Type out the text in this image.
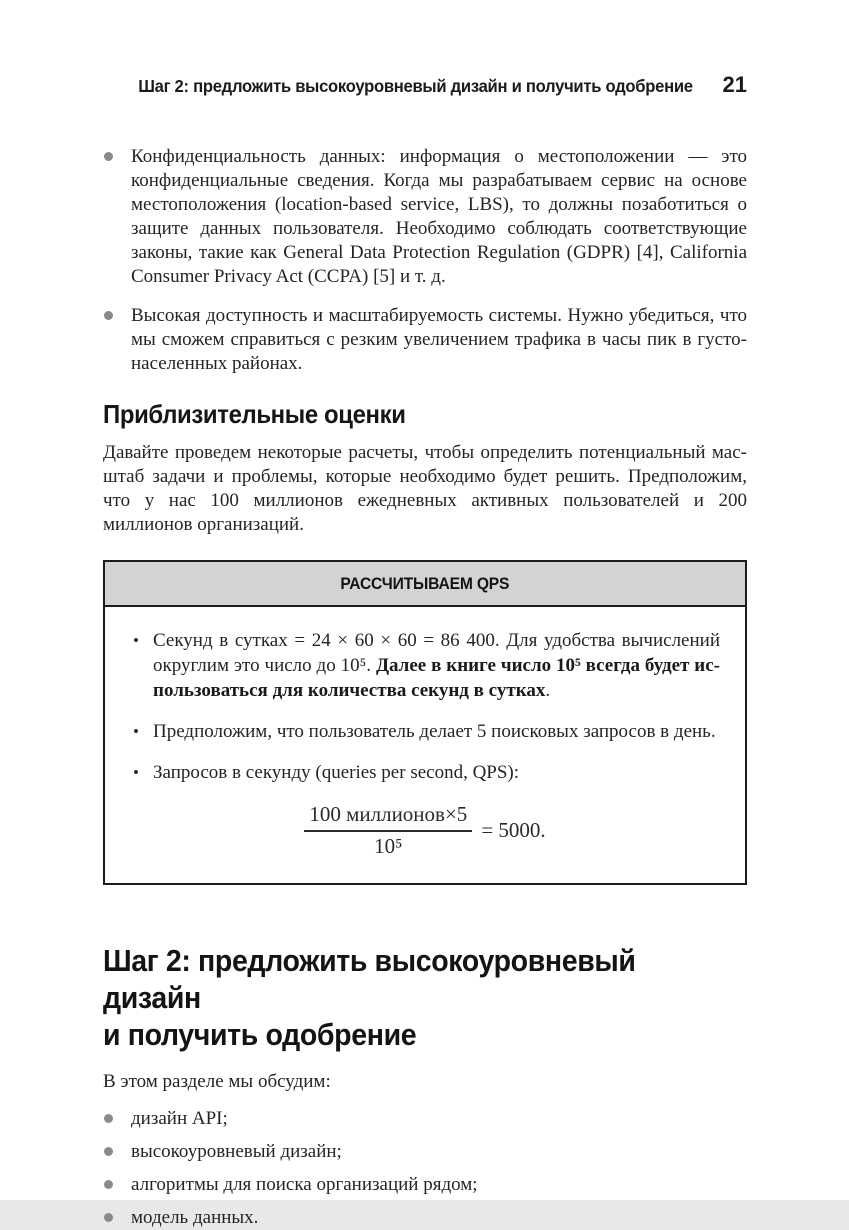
Шаг 2: предложить высокоуровневый дизайн и получить одобрение 21
Конфиденциальность данных: информация о местоположении — это конфиденциальные сведения. Когда мы разрабатываем сервис на основе местоположения (location-based service, LBS), то должны позаботиться о защите данных пользователя. Необходимо соблюдать соответствующие законы, такие как General Data Protection Regulation (GDPR) [4], California Consumer Privacy Act (CCPA) [5] и т. д.
Высокая доступность и масштабируемость системы. Нужно убедиться, что мы сможем справиться с резким увеличением трафика в часы пик в густонаселенных районах.
Приблизительные оценки

Давайте проведем некоторые расчеты, чтобы определить потенциальный масштаб задачи и проблемы, которые необходимо будет решить. Предположим, что у нас 100 миллионов ежедневных активных пользователей и 200 миллионов организаций.

РАССЧИТЫВАЕМ QPS
• Секунд в сутках = 24 × 60 × 60 = 86 400. Для удобства вычислений округлим это число до 10⁵. Далее в книге число 10⁵ всегда будет использоваться для количества секунд в сутках.
• Предположим, что пользователь делает 5 поисковых запросов в день.
• Запросов в секунду (queries per second, QPS):
$\frac{\text{100 миллионов×5}}{\text{10⁵}} = 5000$.
Шаг 2: предложить высокоуровневый дизайн
и получить одобрение

В этом разделе мы обсудим:

дизайн API;
высокоуровневый дизайн;
алгоритмы для поиска организаций рядом;
модель данных.
